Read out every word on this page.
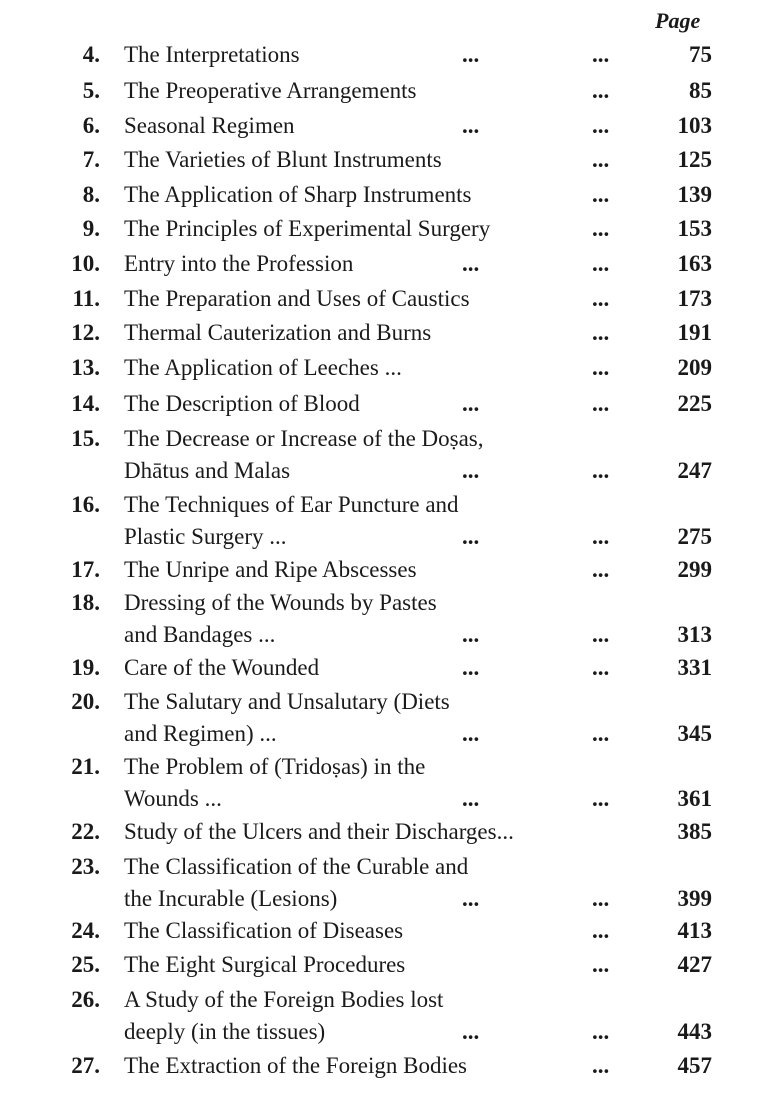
Page
4. The Interpretations	...	...	75
5. The Preoperative Arrangements	...	85
6. Seasonal Regimen	...	...	103
7. The Varieties of Blunt Instruments	...	125
8. The Application of Sharp Instruments	...	139
9. The Principles of Experimental Surgery	...	153
10. Entry into the Profession	...	...	163
11. The Preparation and Uses of Caustics	...	173
12. Thermal Cauterization and Burns	...	191
13. The Application of Leeches ...	...	209
14. The Description of Blood	...	...	225
15. The Decrease or Increase of the Doṣas,
Dhātus and Malas	...	...	247
16. The Techniques of Ear Puncture and
Plastic Surgery ...	...	...	275
17. The Unripe and Ripe Abscesses	...	299
18. Dressing of the Wounds by Pastes
and Bandages ...	...	...	313
19. Care of the Wounded	...	...	331
20. The Salutary and Unsalutary (Diets
and Regimen) ...	...	...	345
21. The Problem of (Tridoṣas) in the
Wounds ...	...	...	361
22. Study of the Ulcers and their Discharges...	385
23. The Classification of the Curable and
the Incurable (Lesions)	...	...	399
24. The Classification of Diseases	...	413
25. The Eight Surgical Procedures	...	427
26. A Study of the Foreign Bodies lost
deeply (in the tissues)	...	...	443
27. The Extraction of the Foreign Bodies	...	457
